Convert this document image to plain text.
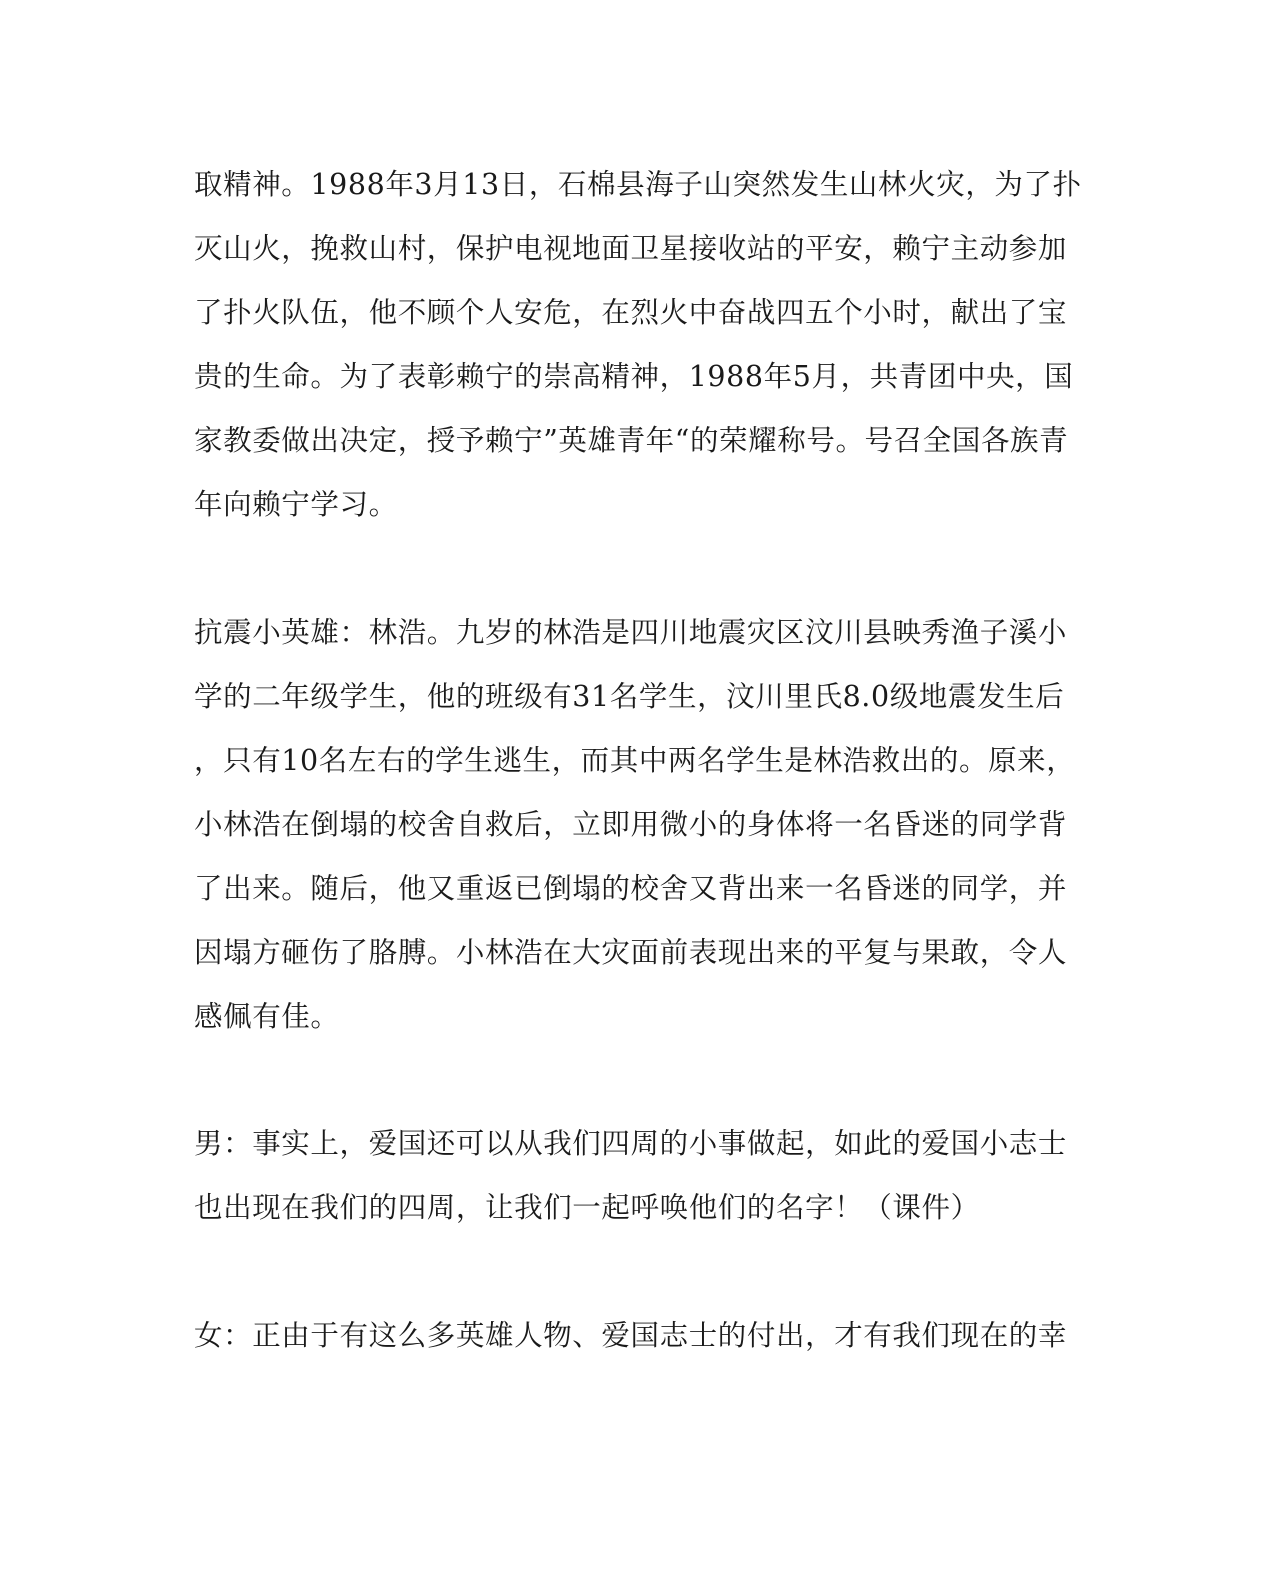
取精神。1988年3月13日，石棉县海子山突然发生山林火灾，为了扑
灭山火，挽救山村，保护电视地面卫星接收站的平安，赖宁主动参加
了扑火队伍，他不顾个人安危，在烈火中奋战四五个小时，献出了宝
贵的生命。为了表彰赖宁的崇高精神，1988年5月，共青团中央，国
家教委做出决定，授予赖宁”英雄青年“的荣耀称号。号召全国各族青
年向赖宁学习。
抗震小英雄：林浩。九岁的林浩是四川地震灾区汶川县映秀渔子溪小
学的二年级学生，他的班级有31名学生，汶川里氏8.0级地震发生后
，只有10名左右的学生逃生，而其中两名学生是林浩救出的。原来，
小林浩在倒塌的校舍自救后，立即用微小的身体将一名昏迷的同学背
了出来。随后，他又重返已倒塌的校舍又背出来一名昏迷的同学，并
因塌方砸伤了胳膊。小林浩在大灾面前表现出来的平复与果敢，令人
感佩有佳。
男：事实上，爱国还可以从我们四周的小事做起，如此的爱国小志士
也出现在我们的四周，让我们一起呼唤他们的名字！（课件）
女：正由于有这么多英雄人物、爱国志士的付出，才有我们现在的幸
